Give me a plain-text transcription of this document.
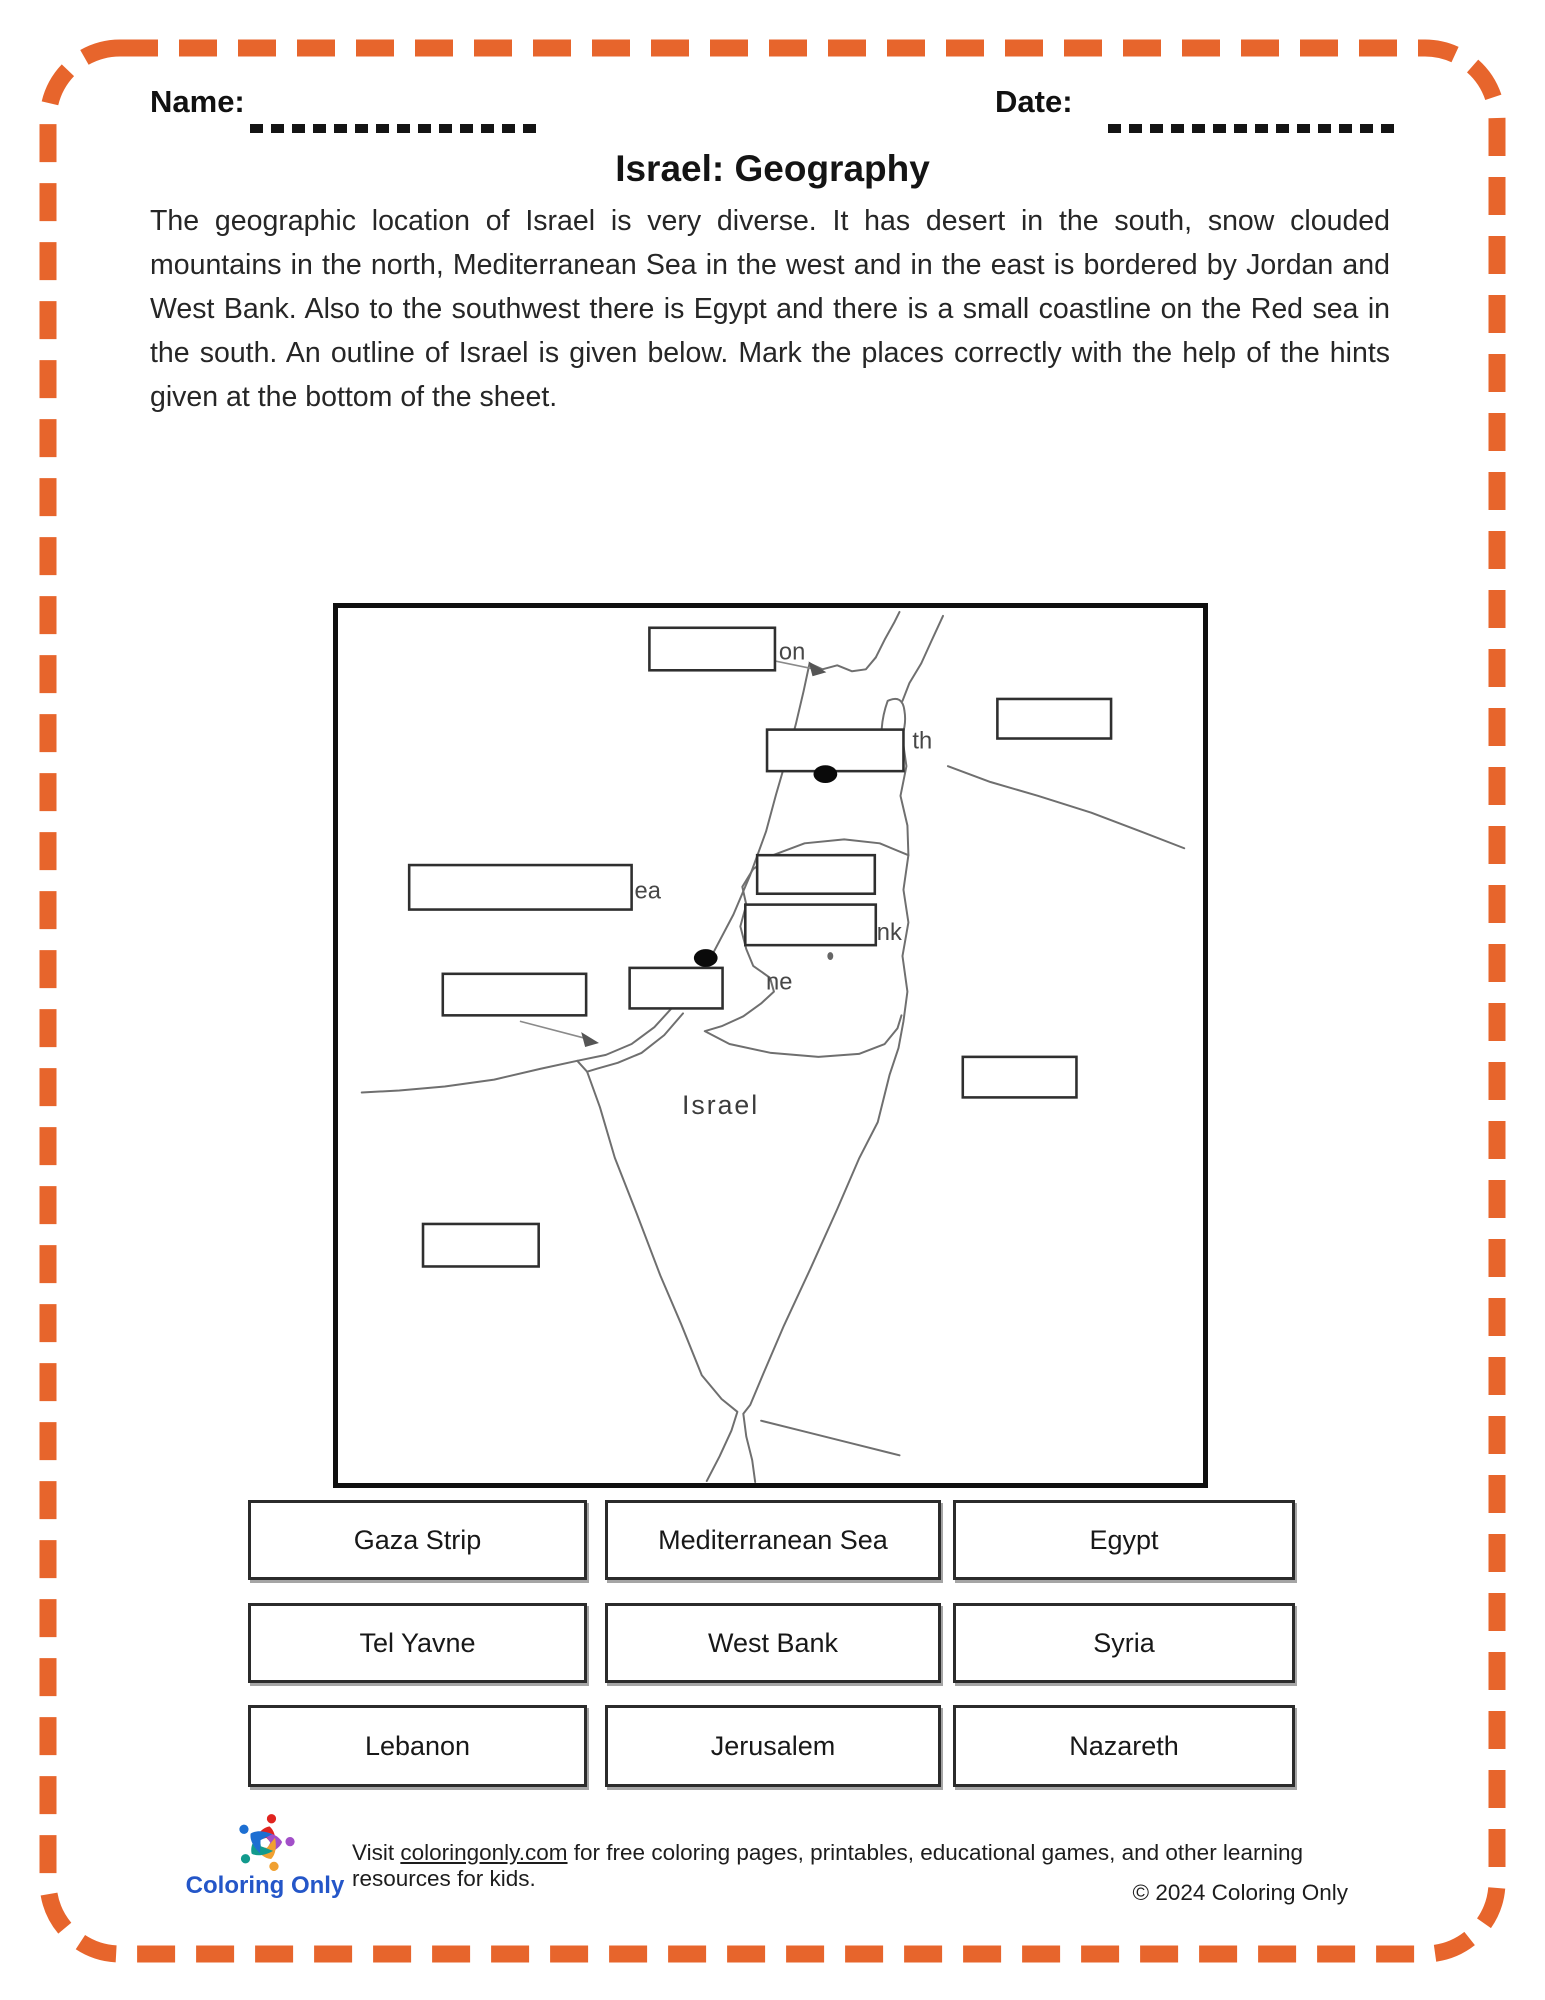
Name:	Date:
Israel: Geography
The geographic location of Israel is very diverse. It has desert in the south, snow clouded mountains in the north, Mediterranean Sea in the west and in the east is bordered by Jordan and West Bank. Also to the southwest there is Egypt and there is a small coastline on the Red sea in the south. An outline of Israel is given below. Mark the places correctly with the help of the hints given at the bottom of the sheet.
on
th
nk
ne
ea
Israel
Gaza Strip	Mediterranean Sea	Egypt
Tel Yavne	West Bank	Syria
Lebanon	Jerusalem	Nazareth
Coloring Only
Visit coloringonly.com for free coloring pages, printables, educational games, and other learning resources for kids.
© 2024 Coloring Only
